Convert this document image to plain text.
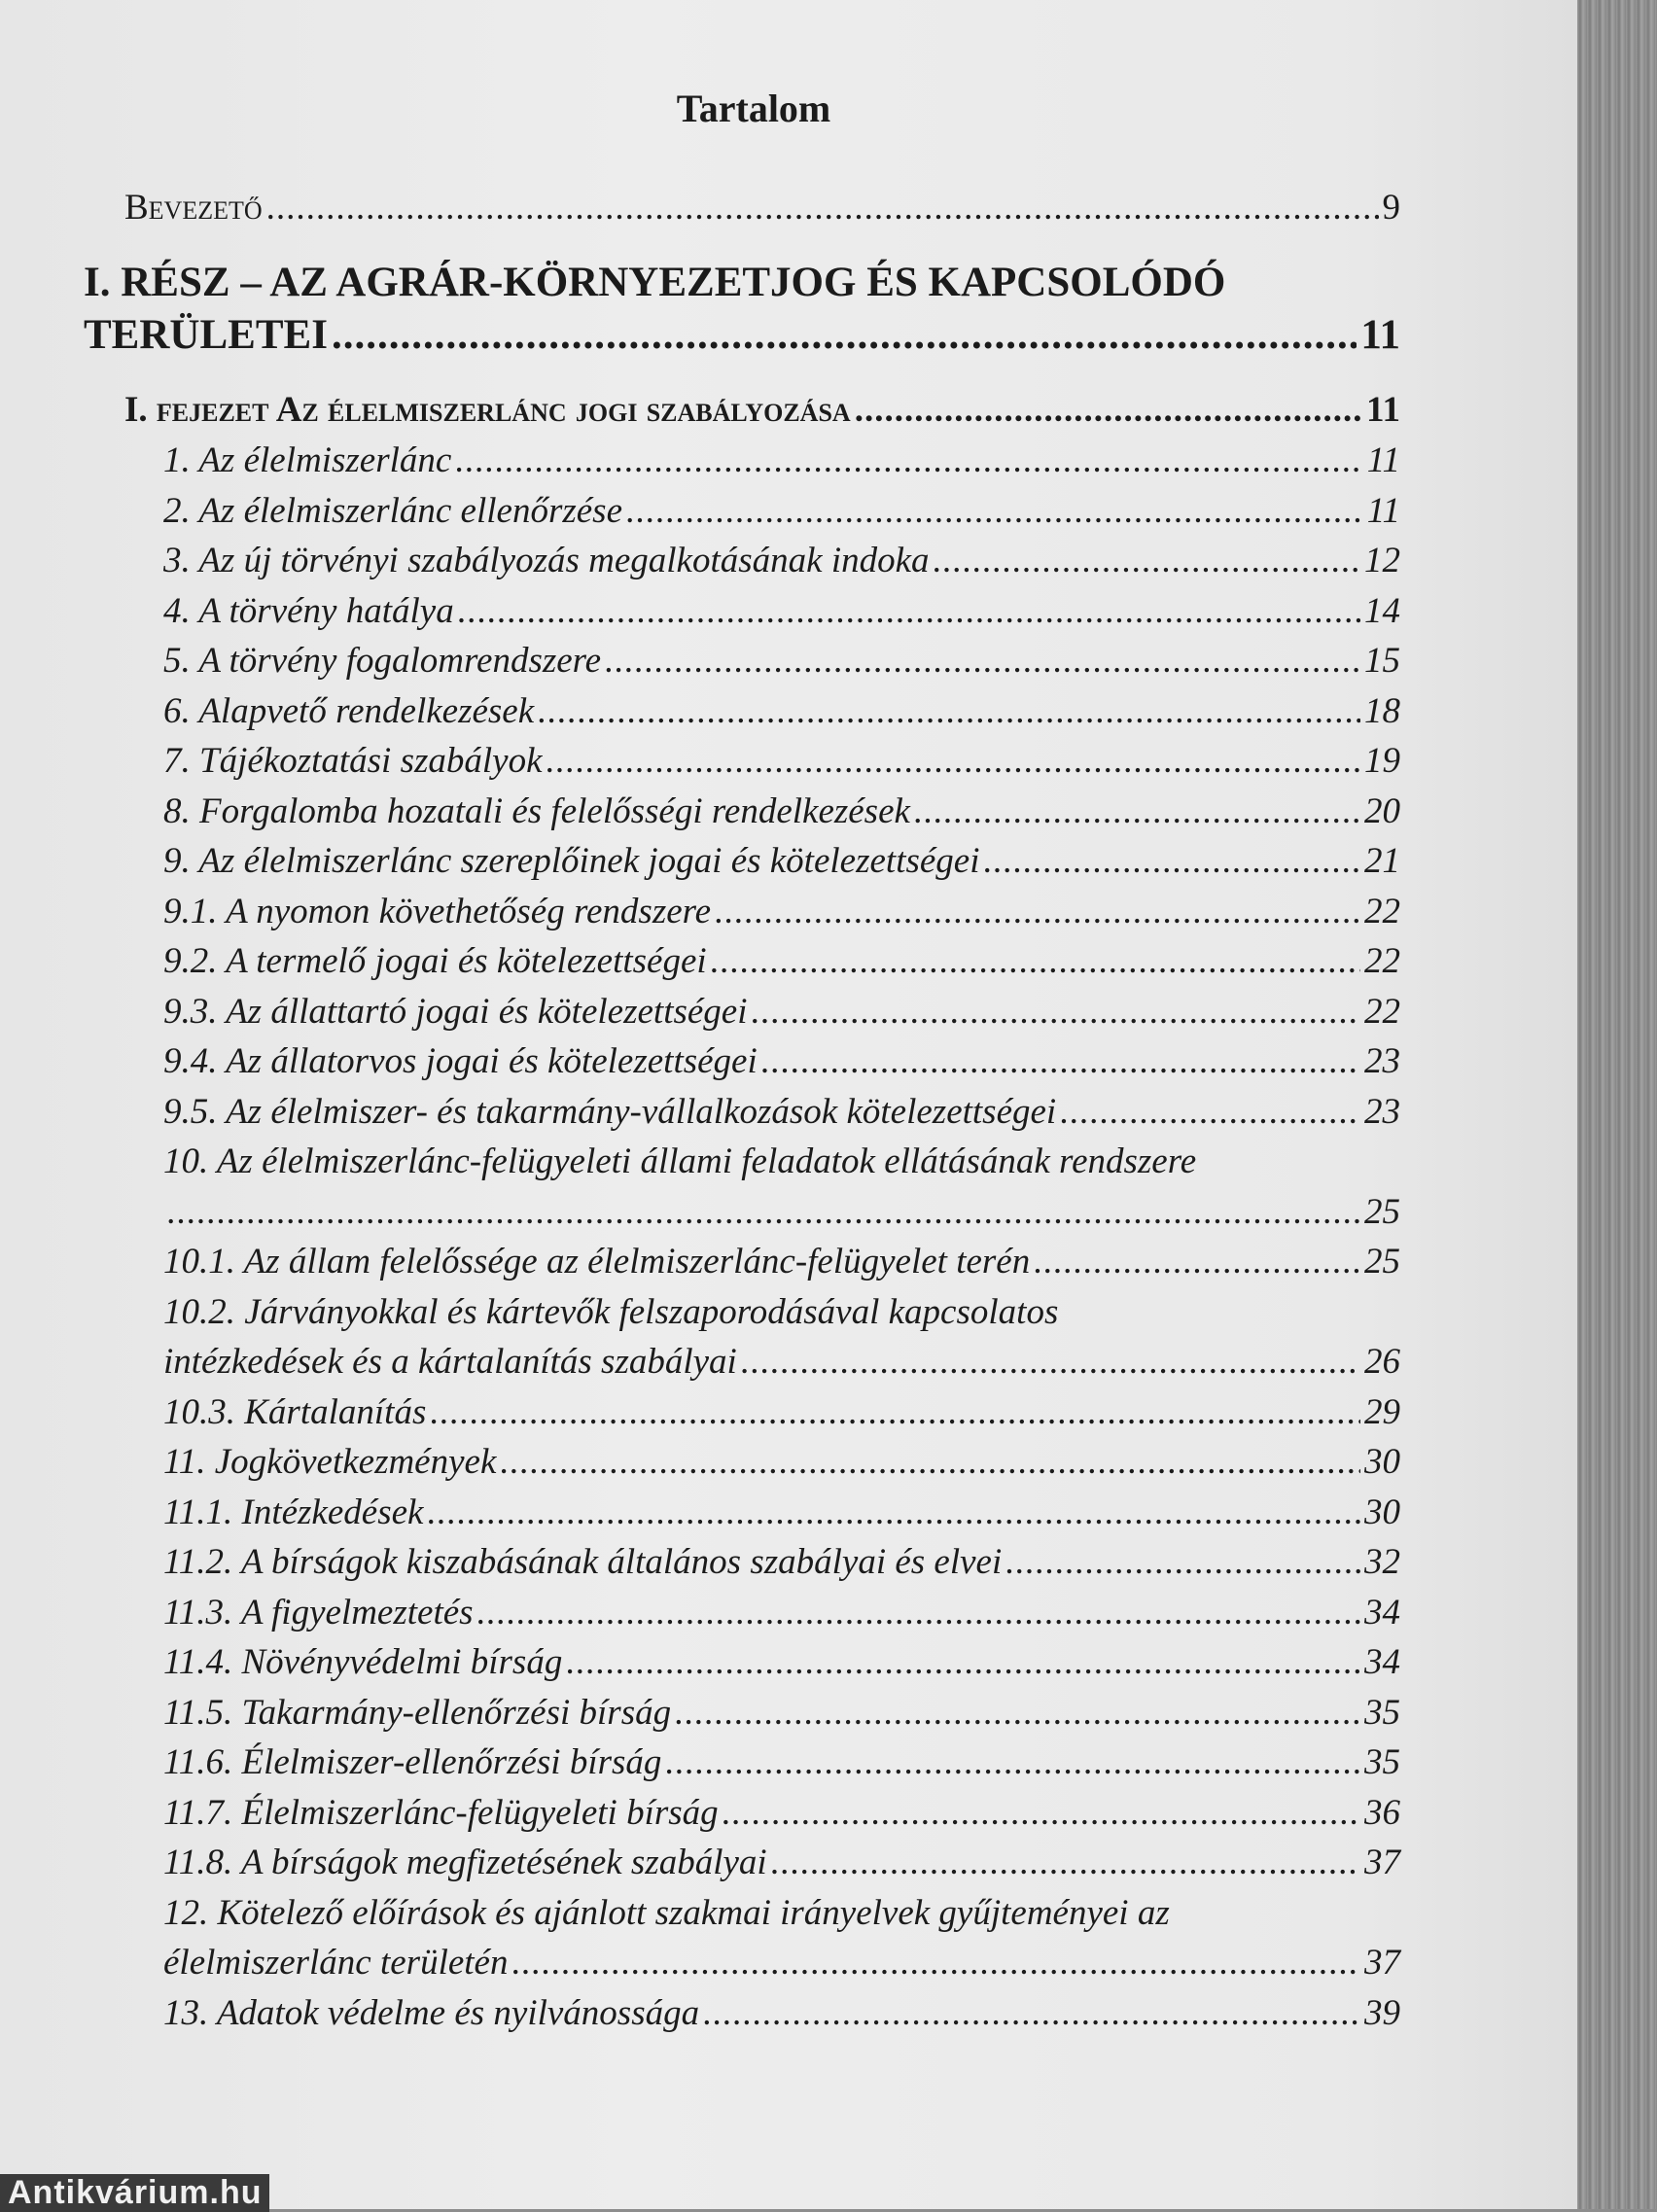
Tartalom
Bevezető .....	9
I. RÉSZ – AZ AGRÁR-KÖRNYEZETJOG ÉS KAPCSOLÓDÓ
TERÜLETEI .....	11
I. fejezet Az élelmiszerlánc jogi szabályozása .....	11
1. Az élelmiszerlánc .....	11
2. Az élelmiszerlánc ellenőrzése .....	11
3. Az új törvényi szabályozás megalkotásának indoka .....	12
4. A törvény hatálya .....	14
5. A törvény fogalomrendszere .....	15
6. Alapvető rendelkezések .....	18
7. Tájékoztatási szabályok .....	19
8. Forgalomba hozatali és felelősségi rendelkezések .....	20
9. Az élelmiszerlánc szereplőinek jogai és kötelezettségei .....	21
9.1. A nyomon követhetőség rendszere .....	22
9.2. A termelő jogai és kötelezettségei .....	22
9.3. Az állattartó jogai és kötelezettségei .....	22
9.4. Az állatorvos jogai és kötelezettségei .....	23
9.5. Az élelmiszer- és takarmány-vállalkozások kötelezettségei .....	23
10. Az élelmiszerlánc-felügyeleti állami feladatok ellátásának rendszere
.....
25
10.1. Az állam felelőssége az élelmiszerlánc-felügyelet terén .....	25
10.2. Járványokkal és kártevők felszaporodásával kapcsolatos
intézkedések és a kártalanítás szabályai .....	26
10.3. Kártalanítás .....	29
11. Jogkövetkezmények .....	30
11.1. Intézkedések .....	30
11.2. A bírságok kiszabásának általános szabályai és elvei .....	32
11.3. A figyelmeztetés .....	34
11.4. Növényvédelmi bírság .....	34
11.5. Takarmány-ellenőrzési bírság .....	35
11.6. Élelmiszer-ellenőrzési bírság .....	35
11.7. Élelmiszerlánc-felügyeleti bírság .....	36
11.8. A bírságok megfizetésének szabályai .....	37
12. Kötelező előírások és ajánlott szakmai irányelvek gyűjteményei az
élelmiszerlánc területén .....	37
13. Adatok védelme és nyilvánossága .....	39
Antikvárium.hu
